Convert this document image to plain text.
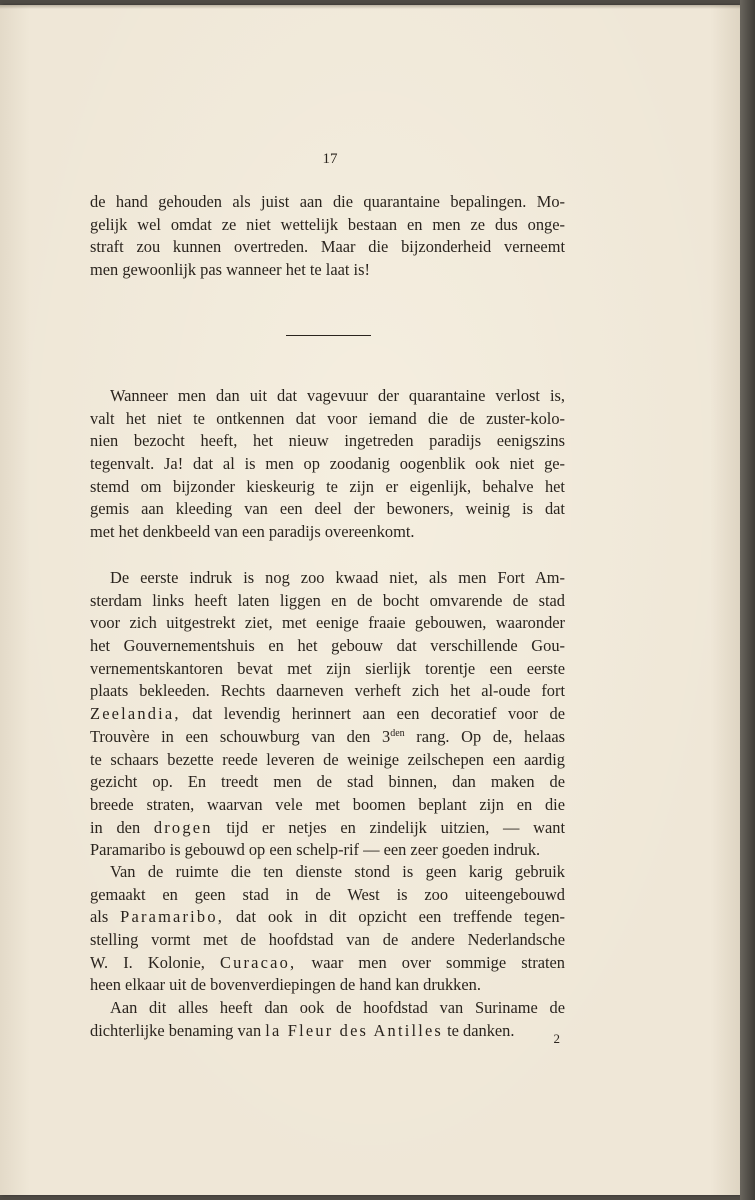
17
de hand gehouden als juist aan die quarantaine bepalingen. Mo-
gelijk wel omdat ze niet wettelijk bestaan en men ze dus onge-
straft zou kunnen overtreden. Maar die bijzonderheid verneemt
men gewoonlijk pas wanneer het te laat is!
Wanneer men dan uit dat vagevuur der quarantaine verlost is,
valt het niet te ontkennen dat voor iemand die de zuster-kolo-
nien bezocht heeft, het nieuw ingetreden paradijs eenigszins
tegenvalt. Ja! dat al is men op zoodanig oogenblik ook niet ge-
stemd om bijzonder kieskeurig te zijn er eigenlijk, behalve het
gemis aan kleeding van een deel der bewoners, weinig is dat
met het denkbeeld van een paradijs overeenkomt.
De eerste indruk is nog zoo kwaad niet, als men Fort Am-
sterdam links heeft laten liggen en de bocht omvarende de stad
voor zich uitgestrekt ziet, met eenige fraaie gebouwen, waaronder
het Gouvernementshuis en het gebouw dat verschillende Gou-
vernementskantoren bevat met zijn sierlijk torentje een eerste
plaats bekleeden. Rechts daarneven verheft zich het al-oude fort
Zeelandia, dat levendig herinnert aan een decoratief voor de
Trouvère in een schouwburg van den $3^{den}$ rang. Op de, helaas
te schaars bezette reede leveren de weinige zeilschepen een aardig
gezicht op. En treedt men de stad binnen, dan maken de
breede straten, waarvan vele met boomen beplant zijn en die
in den drogen tijd er netjes en zindelijk uitzien, — want
Paramaribo is gebouwd op een schelp-rif — een zeer goeden indruk.
Van de ruimte die ten dienste stond is geen karig gebruik
gemaakt en geen stad in de West is zoo uiteengebouwd
als Paramaribo, dat ook in dit opzicht een treffende tegen-
stelling vormt met de hoofdstad van de andere Nederlandsche
W. I. Kolonie, Curacao, waar men over sommige straten
heen elkaar uit de bovenverdiepingen de hand kan drukken.
Aan dit alles heeft dan ook de hoofdstad van Suriname de
dichterlijke benaming van la Fleur des Antilles te danken.	2
